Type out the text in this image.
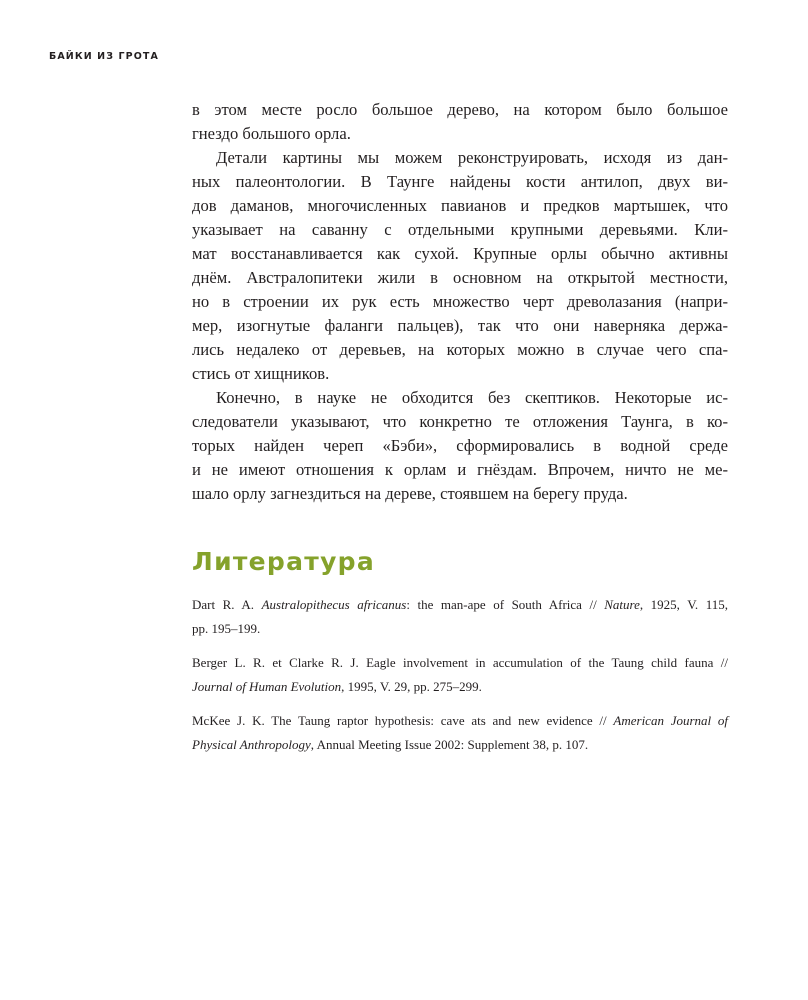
БАЙКИ ИЗ ГРОТА
в этом месте росло большое дерево, на котором было большое
гнездо большого орла.
Детали картины мы можем реконструировать, исходя из дан-
ных палеонтологии. В Таунге найдены кости антилоп, двух ви-
дов даманов, многочисленных павианов и предков мартышек, что
указывает на саванну с отдельными крупными деревьями. Кли-
мат восстанавливается как сухой. Крупные орлы обычно активны
днём. Австралопитеки жили в основном на открытой местности,
но в строении их рук есть множество черт древолазания (напри-
мер, изогнутые фаланги пальцев), так что они наверняка держа-
лись недалеко от деревьев, на которых можно в случае чего спа-
стись от хищников.
Конечно, в науке не обходится без скептиков. Некоторые ис-
следователи указывают, что конкретно те отложения Таунга, в ко-
торых найден череп «Бэби», сформировались в водной среде
и не имеют отношения к орлам и гнёздам. Впрочем, ничто не ме-
шало орлу загнездиться на дереве, стоявшем на берегу пруда.
Литература
Dart R. A. Australopithecus africanus: the man-ape of South Africa // Nature, 1925, V. 115,
pp. 195–199.
Berger L. R. et Clarke R. J. Eagle involvement in accumulation of the Taung child fauna //
Journal of Human Evolution, 1995, V. 29, pp. 275–299.
McKee J. K. The Taung raptor hypothesis: cave ats and new evidence // American Journal of
Physical Anthropology, Annual Meeting Issue 2002: Supplement 38, p. 107.
